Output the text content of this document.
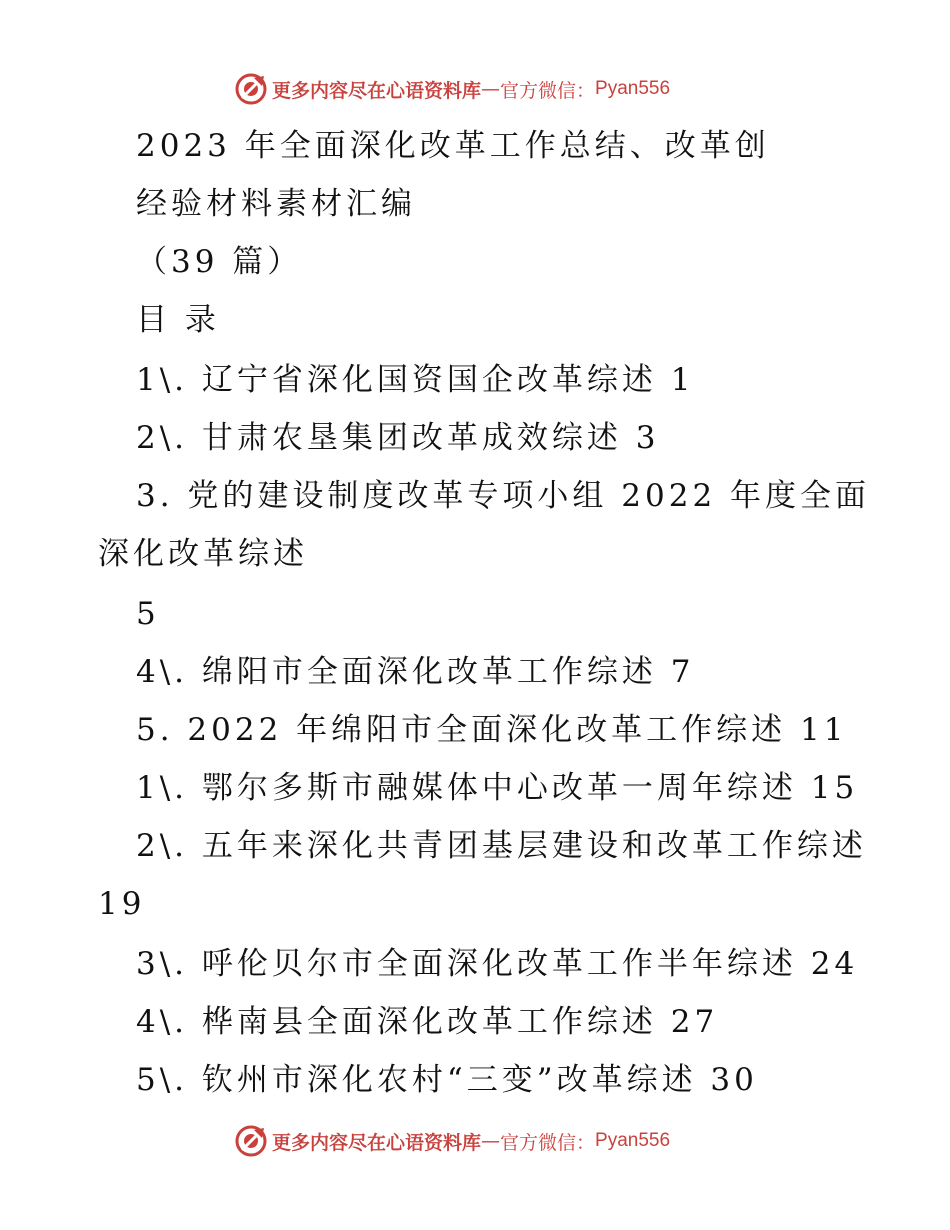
更多内容尽在心语资料库 — 官方微信： Pyan556
2023 年全面深化改革工作总结、改革创
经验材料素材汇编
（39 篇）
目 录
1\. 辽宁省深化国资国企改革综述 1
2\. 甘肃农垦集团改革成效综述 3
3. 党的建设制度改革专项小组 2022 年度全面
深化改革综述
5
4\. 绵阳市全面深化改革工作综述 7
5. 2022 年绵阳市全面深化改革工作综述 11
1\. 鄂尔多斯市融媒体中心改革一周年综述 15
2\. 五年来深化共青团基层建设和改革工作综述
19
3\. 呼伦贝尔市全面深化改革工作半年综述 24
4\. 桦南县全面深化改革工作综述 27
5\. 钦州市深化农村“三变”改革综述 30
更多内容尽在心语资料库 — 官方微信： Pyan556
